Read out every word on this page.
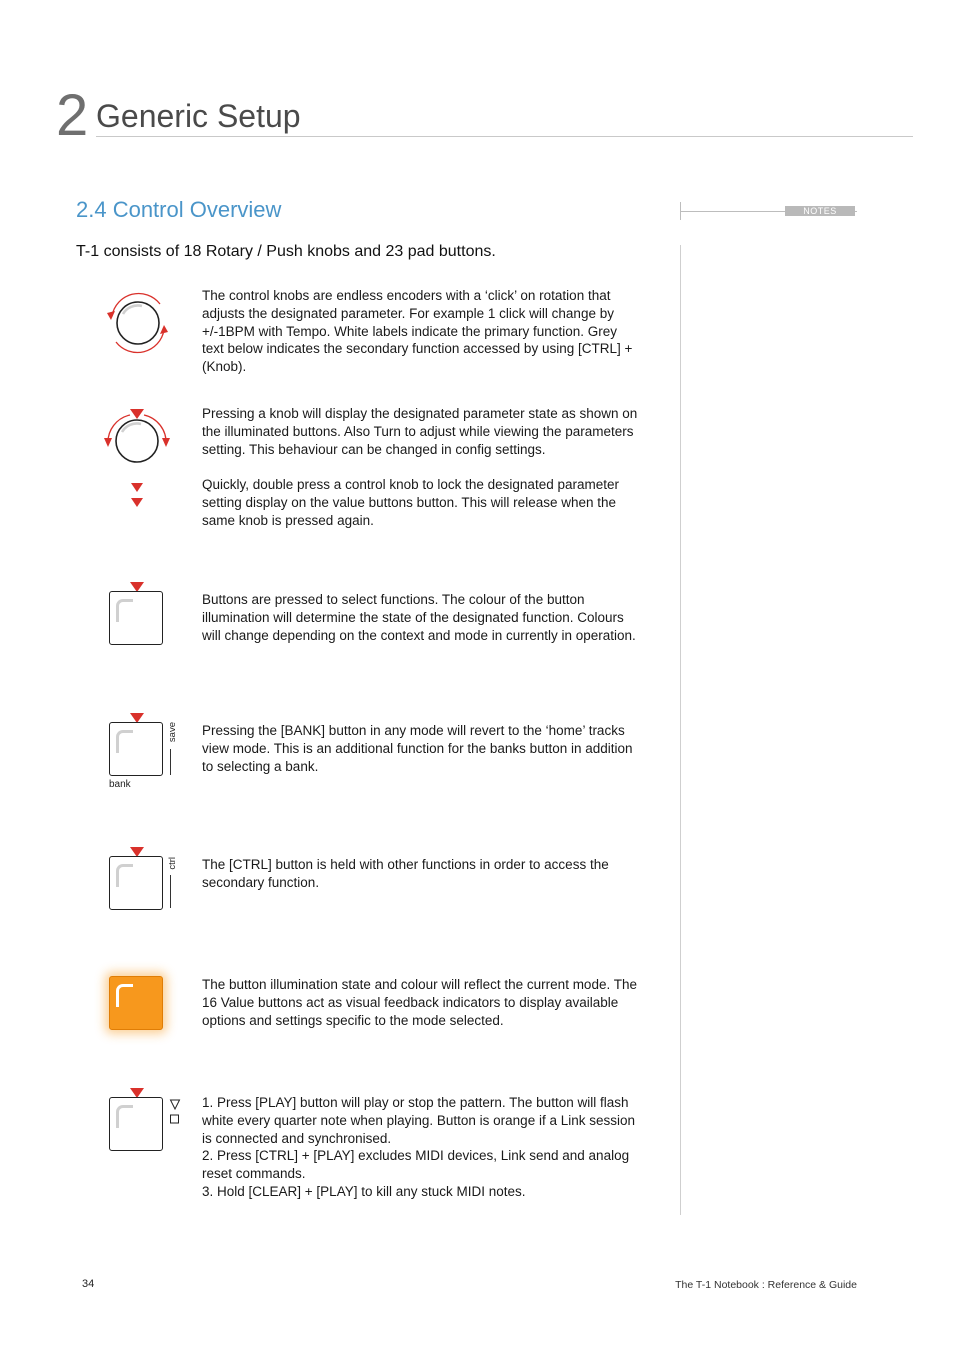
2 Generic Setup
2.4 Control Overview
T-1 consists of 18 Rotary / Push knobs and 23 pad buttons.
NOTES

The control knobs are endless encoders with a ‘click’ on rotation that adjusts the designated parameter. For example 1 click will change by +/-1BPM with Tempo. White labels indicate the primary function. Grey text below indicates the secondary function accessed by using [CTRL] + (Knob).

Pressing a knob will display the designated parameter state as shown on the illuminated buttons. Also Turn to adjust while viewing the parameters setting. This behaviour can be changed in config settings.

Quickly, double press a control knob to lock the designated parameter setting display on the value buttons button. This will release when the same knob is pressed again.

Buttons are pressed to select functions. The colour of the button illumination will determine the state of the designated function. Colours will change depending on the context and mode in currently in operation.

save
bank

Pressing the [BANK] button in any mode will revert to the ‘home’ tracks view mode. This is an additional function for the banks button in addition to selecting a bank.

ctrl The [CTRL] button is held with other functions in order to access the secondary function.

The button illumination state and colour will reflect the current mode. The 16 Value buttons act as visual feedback indicators to display available options and settings specific to the mode selected.

1. Press [PLAY] button will play or stop the pattern. The button will flash white every quarter note when playing. Button is orange if a Link session is connected and synchronised.

2. Press [CTRL] + [PLAY] excludes MIDI devices, Link send and analog reset commands.

3. Hold [CLEAR] + [PLAY] to kill any stuck MIDI notes.

34	The T-1 Notebook : Reference & Guide
